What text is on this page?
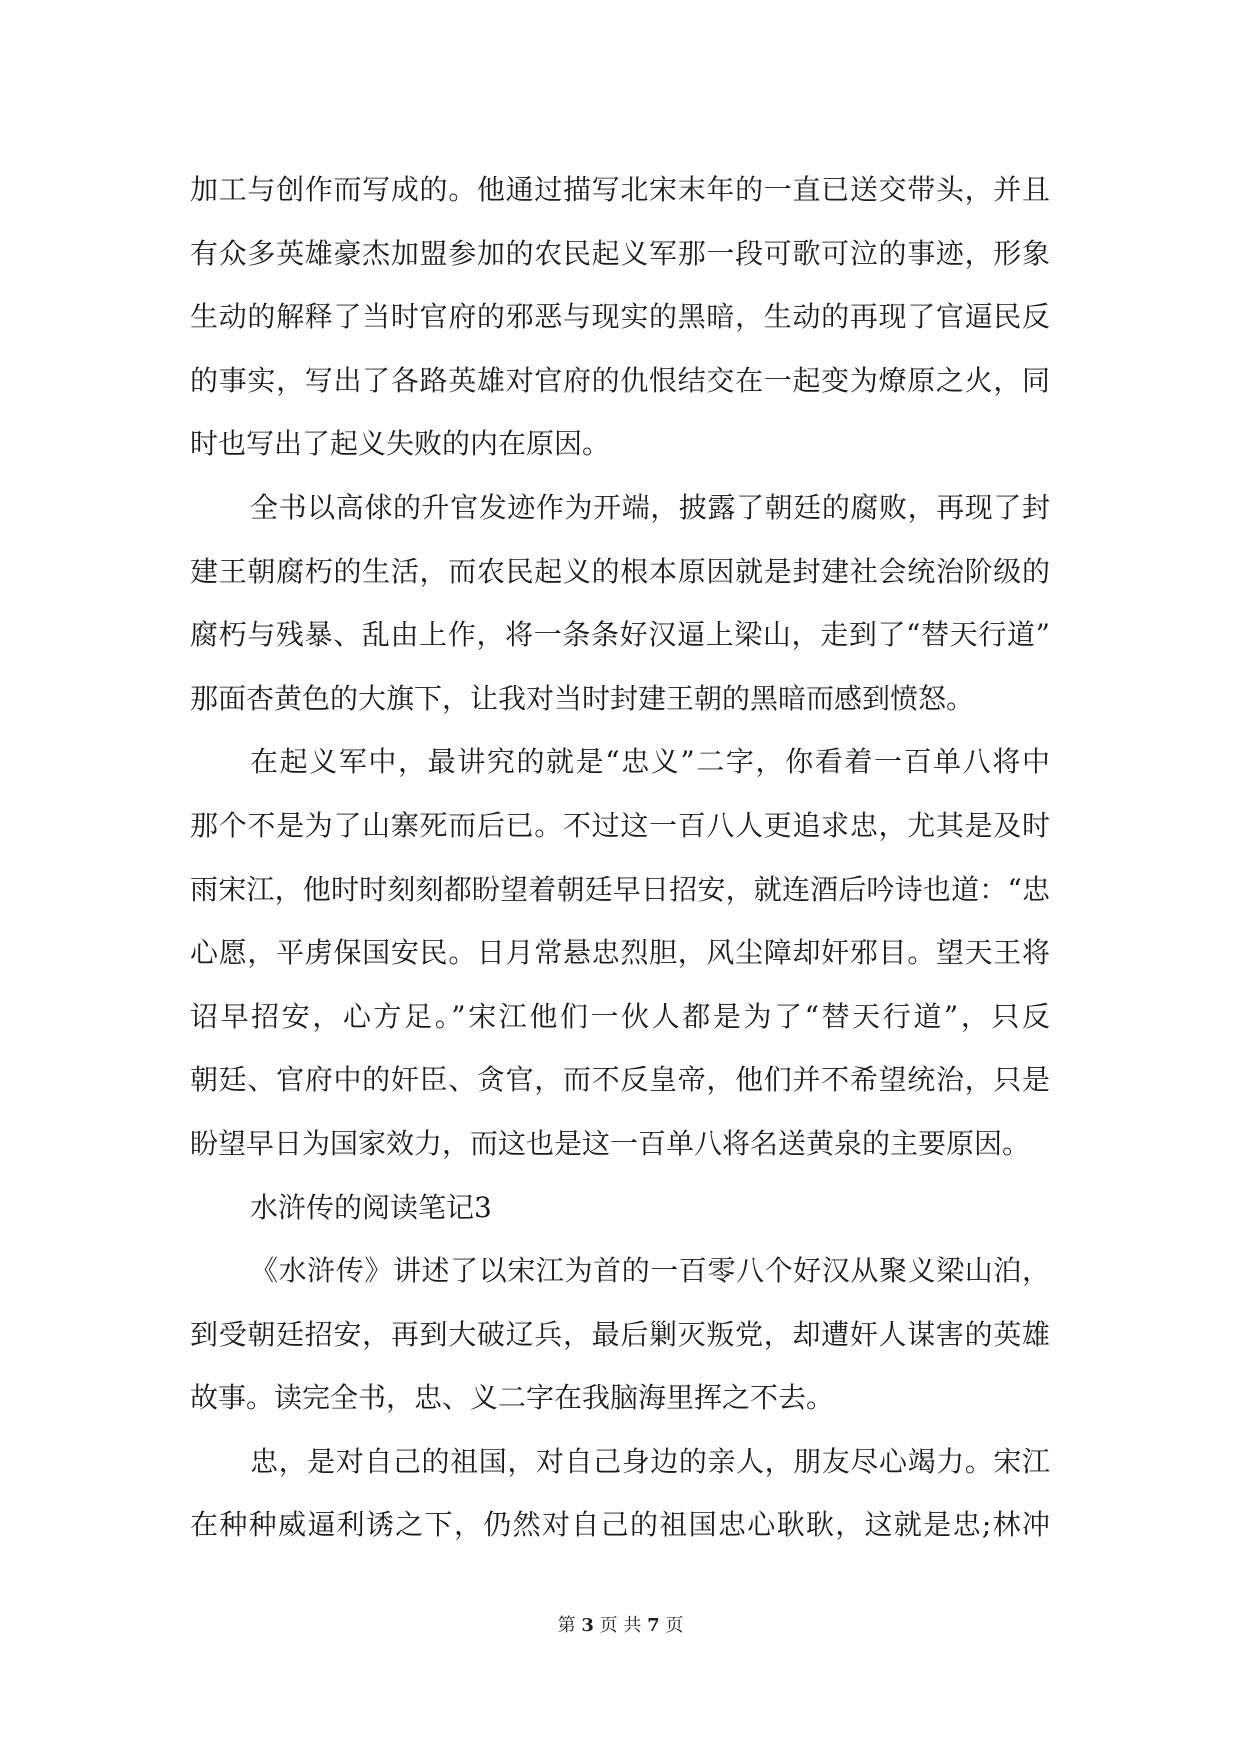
加工与创作而写成的。他通过描写北宋末年的一直已送交带头，并且
有众多英雄豪杰加盟参加的农民起义军那一段可歌可泣的事迹，形象
生动的解释了当时官府的邪恶与现实的黑暗，生动的再现了官逼民反
的事实，写出了各路英雄对官府的仇恨结交在一起变为燎原之火，同
时也写出了起义失败的内在原因。
全书以高俅的升官发迹作为开端，披露了朝廷的腐败，再现了封
建王朝腐朽的生活，而农民起义的根本原因就是封建社会统治阶级的
腐朽与残暴、乱由上作，将一条条好汉逼上梁山，走到了“替天行道”
那面杏黄色的大旗下，让我对当时封建王朝的黑暗而感到愤怒。
在起义军中，最讲究的就是“忠义”二字，你看着一百单八将中
那个不是为了山寨死而后已。不过这一百八人更追求忠，尤其是及时
雨宋江，他时时刻刻都盼望着朝廷早日招安，就连酒后吟诗也道：“忠
心愿，平虏保国安民。日月常悬忠烈胆，风尘障却奸邪目。望天王将
诏早招安，心方足。”宋江他们一伙人都是为了“替天行道”，只反
朝廷、官府中的奸臣、贪官，而不反皇帝，他们并不希望统治，只是
盼望早日为国家效力，而这也是这一百单八将名送黄泉的主要原因。
水浒传的阅读笔记3
《水浒传》讲述了以宋江为首的一百零八个好汉从聚义梁山泊，
到受朝廷招安，再到大破辽兵，最后剿灭叛党，却遭奸人谋害的英雄
故事。读完全书，忠、义二字在我脑海里挥之不去。
忠，是对自己的祖国，对自己身边的亲人，朋友尽心竭力。宋江
在种种威逼利诱之下，仍然对自己的祖国忠心耿耿，这就是忠;林冲
第 3 页 共 7 页
